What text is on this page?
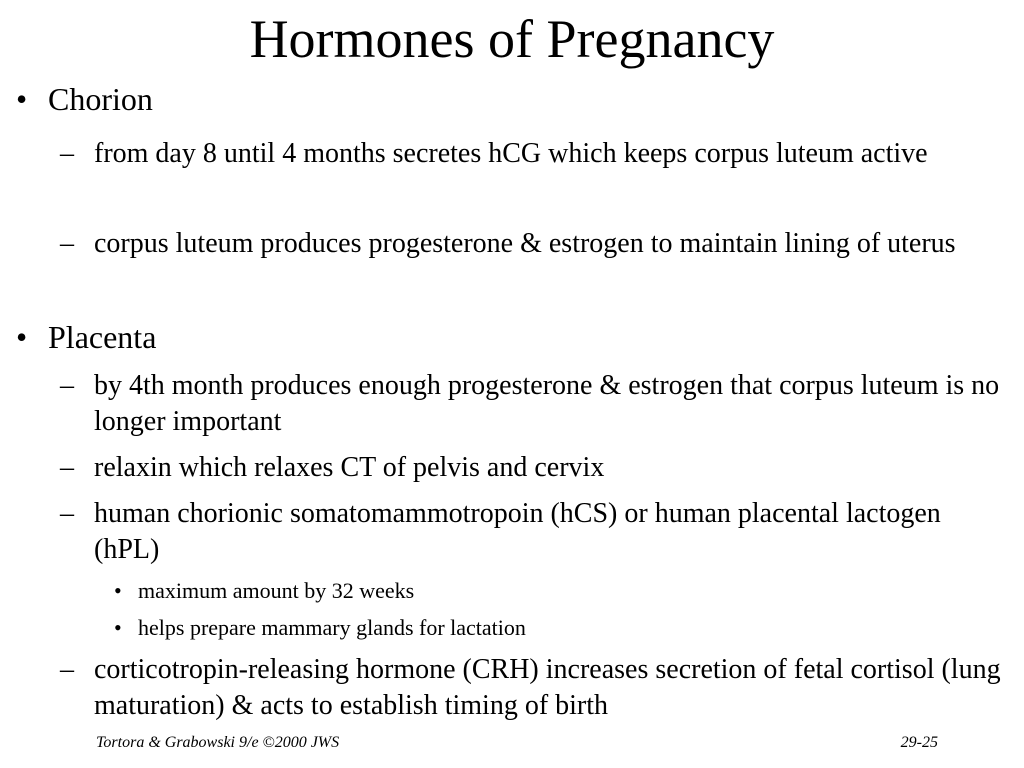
Hormones of Pregnancy
• Chorion
– from day 8 until 4 months secretes hCG which keeps corpus luteum active
– corpus luteum produces progesterone & estrogen to maintain lining of uterus
• Placenta
– by 4th month produces enough progesterone & estrogen that corpus luteum is no longer important
– relaxin which relaxes CT of pelvis and cervix
– human chorionic somatomammotropoin (hCS) or human placental lactogen (hPL)
• maximum amount by 32 weeks
• helps prepare mammary glands for lactation
– corticotropin-releasing hormone (CRH) increases secretion of fetal cortisol (lung maturation) & acts to establish timing of birth
Tortora & Grabowski 9/e ©2000 JWS	29-25
